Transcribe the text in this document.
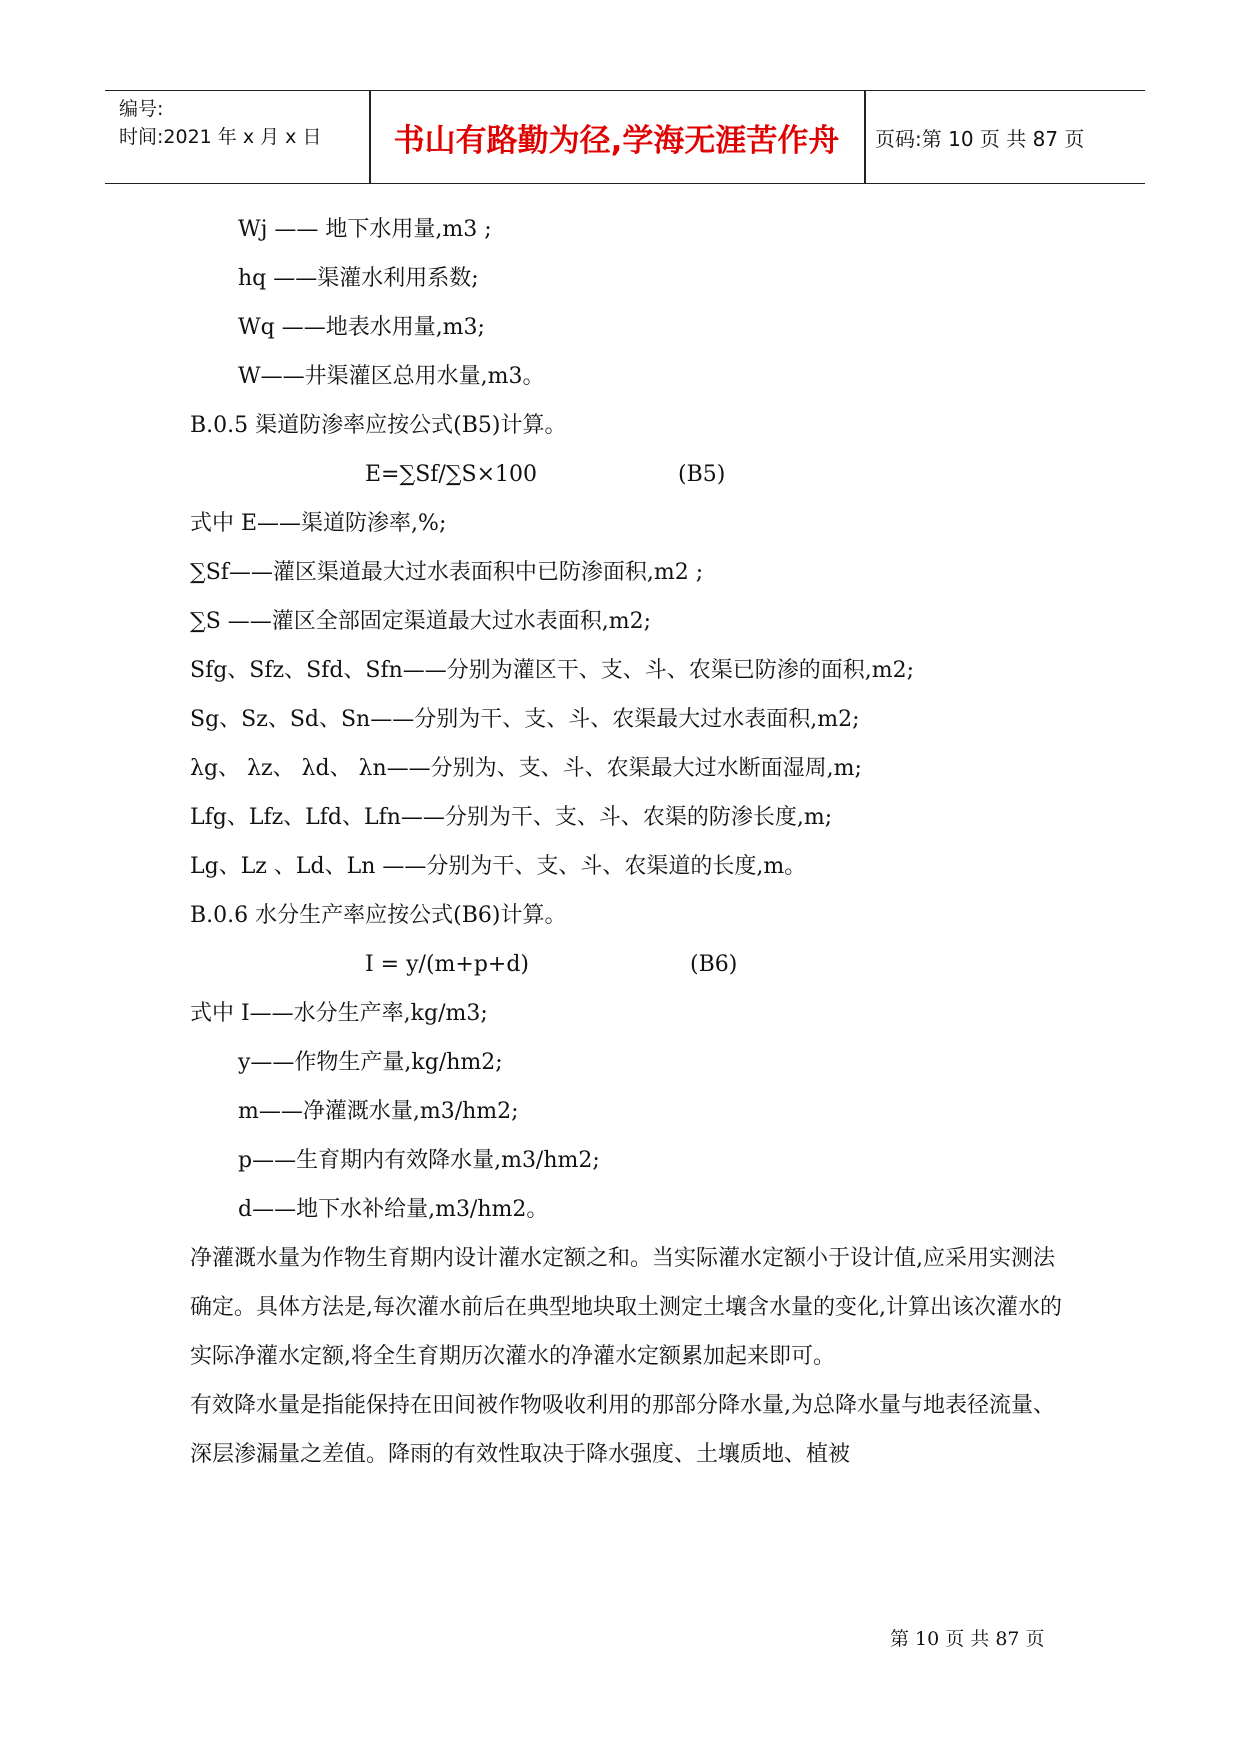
编号:
时间:2021 年 x 月 x 日	书山有路勤为径,学海无涯苦作舟	页码:第 10 页 共 87 页
Wj —— 地下水用量,m3 ;
hq ——渠灌水利用系数;
Wq ——地表水用量,m3;
W——井渠灌区总用水量,m3。
B.0.5 渠道防渗率应按公式(B5)计算。
E=∑Sf/∑S×100	(B5)
式中 E——渠道防渗率,%;
∑Sf——灌区渠道最大过水表面积中已防渗面积,m2 ;
∑S ——灌区全部固定渠道最大过水表面积,m2;
Sfg、Sfz、Sfd、Sfn——分别为灌区干、支、斗、农渠已防渗的面积,m2;
Sg、Sz、Sd、Sn——分别为干、支、斗、农渠最大过水表面积,m2;
λg、 λz、 λd、 λn——分别为、支、斗、农渠最大过水断面湿周,m;
Lfg、Lfz、Lfd、Lfn——分别为干、支、斗、农渠的防渗长度,m;
Lg、Lz 、Ld、Ln ——分别为干、支、斗、农渠道的长度,m。
B.0.6 水分生产率应按公式(B6)计算。
I = y/(m+p+d)	(B6)
式中 I——水分生产率,kg/m3;
y——作物生产量,kg/hm2;
m——净灌溉水量,m3/hm2;
p——生育期内有效降水量,m3/hm2;
d——地下水补给量,m3/hm2。
净灌溉水量为作物生育期内设计灌水定额之和。当实际灌水定额小于设计值,应采用实测法确定。具体方法是,每次灌水前后在典型地块取土测定土壤含水量的变化,计算出该次灌水的实际净灌水定额,将全生育期历次灌水的净灌水定额累加起来即可。
有效降水量是指能保持在田间被作物吸收利用的那部分降水量,为总降水量与地表径流量、深层渗漏量之差值。降雨的有效性取决于降水强度、土壤质地、植被
第 10 页 共 87 页
